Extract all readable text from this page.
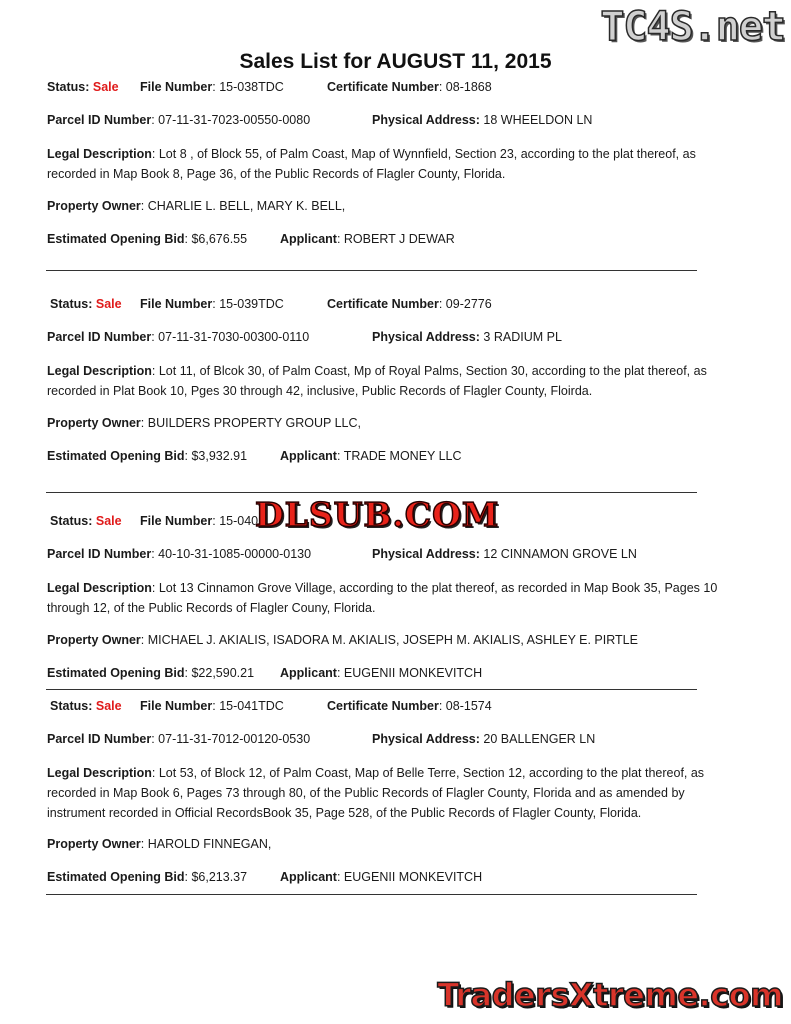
TC4S.net
Sales List for AUGUST 11, 2015
Status: Sale File Number: 15-038TDC	Certificate Number: 08-1868
Parcel ID Number: 07-11-31-7023-00550-0080	Physical Address: 18 WHEELDON LN
Legal Description: Lot 8 , of Block 55, of Palm Coast, Map of Wynnfield, Section 23, according to the plat thereof, as recorded in Map Book 8, Page 36, of the Public Records of Flagler County, Florida.
Property Owner: CHARLIE L. BELL, MARY K. BELL,
Estimated Opening Bid: $6,676.55	Applicant: ROBERT J DEWAR
Status: Sale File Number: 15-039TDC	Certificate Number: 09-2776
Parcel ID Number: 07-11-31-7030-00300-0110	Physical Address: 3 RADIUM PL
Legal Description: Lot 11, of Blcok 30, of Palm Coast, Mp of Royal Palms, Section 30, according to the plat thereof, as recorded in Plat Book 10, Pges 30 through 42, inclusive, Public Records of Flagler County, Floirda.
Property Owner: BUILDERS PROPERTY GROUP LLC,
Estimated Opening Bid: $3,932.91	Applicant: TRADE MONEY LLC
Status: Sale File Number: 15-040
Parcel ID Number: 40-10-31-1085-00000-0130	Physical Address: 12 CINNAMON GROVE LN
Legal Description: Lot 13 Cinnamon Grove Village, according to the plat thereof, as recorded in Map Book 35, Pages 10 through 12, of the Public Records of Flagler Couny, Florida.
Property Owner: MICHAEL J. AKIALIS, ISADORA M. AKIALIS, JOSEPH M. AKIALIS, ASHLEY E. PIRTLE
Estimated Opening Bid: $22,590.21 Applicant: EUGENII MONKEVITCH
Status: Sale File Number: 15-041TDC	Certificate Number: 08-1574
Parcel ID Number: 07-11-31-7012-00120-0530	Physical Address: 20 BALLENGER LN
Legal Description: Lot 53, of Block 12, of Palm Coast, Map of Belle Terre, Section 12, according to the plat thereof, as recorded in Map Book 6, Pages 73 through 80, of the Public Records of Flagler County, Florida and as amended by instrument recorded in Official RecordsBook 35, Page 528, of the Public Records of Flagler County, Florida.
Property Owner: HAROLD FINNEGAN,
Estimated Opening Bid: $6,213.37	Applicant: EUGENII MONKEVITCH
DLSUB.COM
TradersXtreme.com
